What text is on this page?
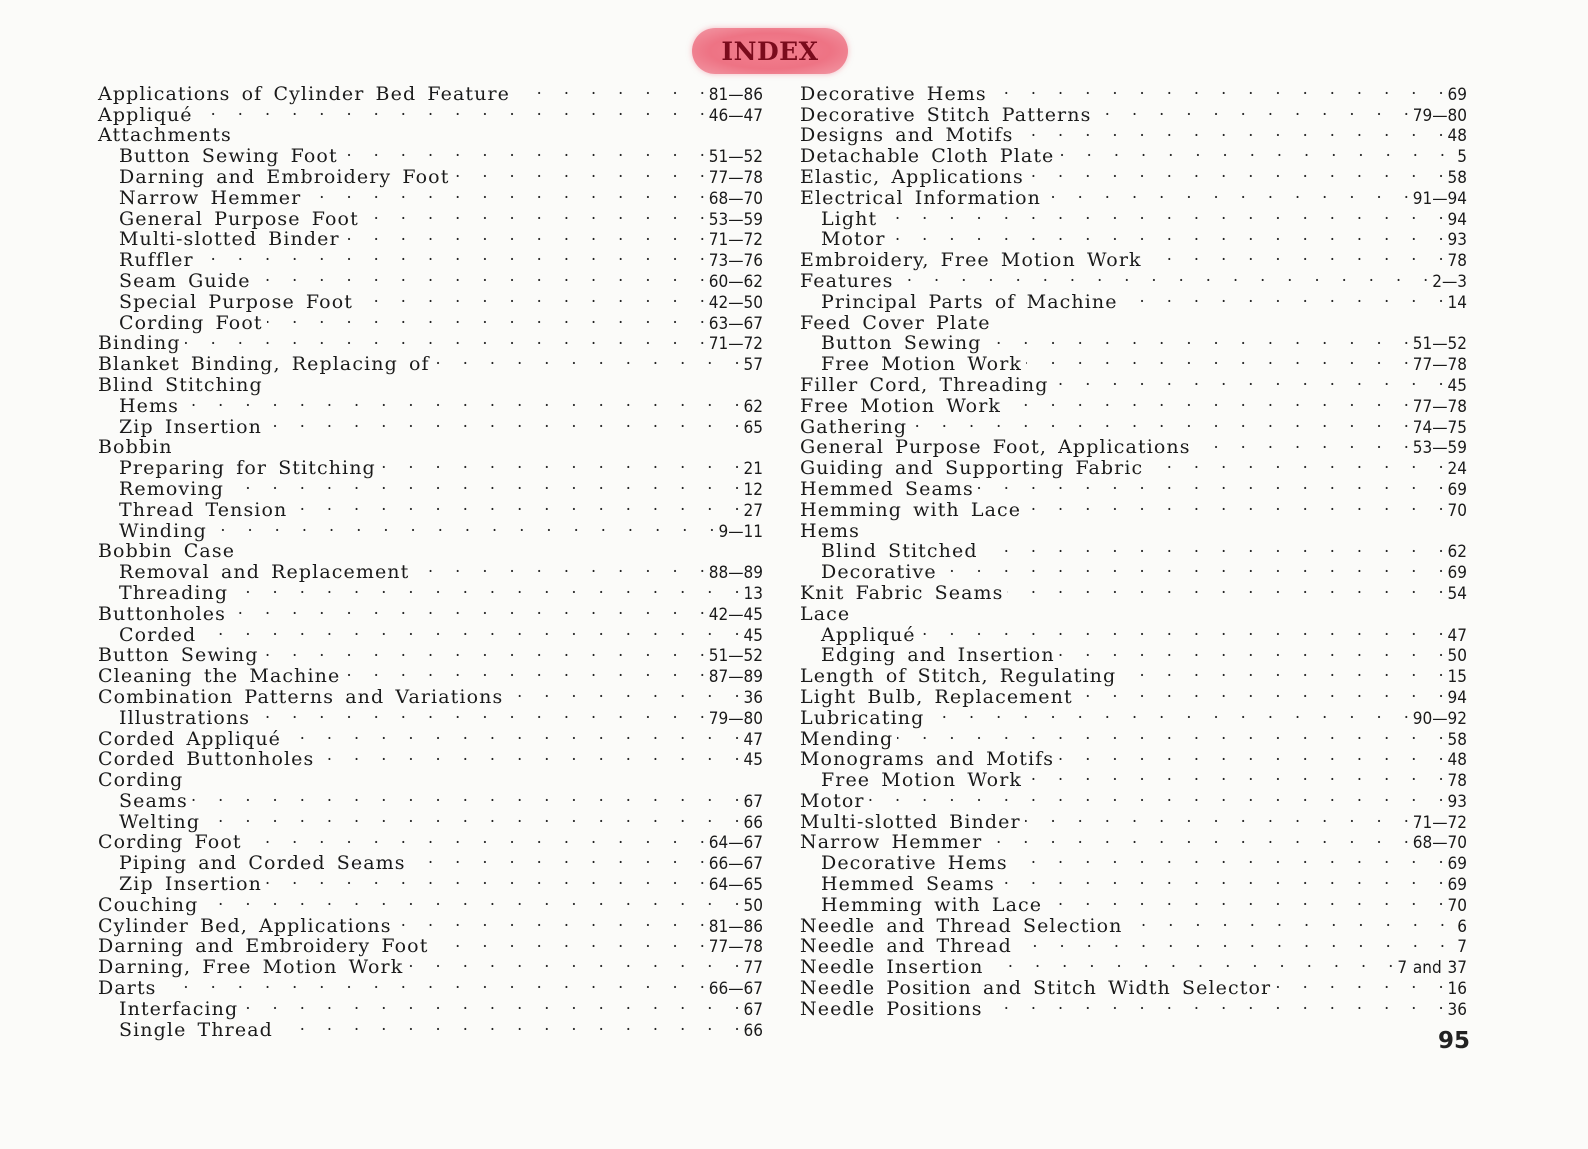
INDEX
Applications of Cylinder Bed Feature . . .	81—86
Appliqué . . .	46—47
Attachments
Button Sewing Foot . . .	51—52
Darning and Embroidery Foot . . .	77—78
Narrow Hemmer . . .	68—70
General Purpose Foot . . .	53—59
Multi-slotted Binder . . .	71—72
Ruffler . . .	73—76
Seam Guide . . .	60—62
Special Purpose Foot . . .	42—50
Cording Foot . . .	63—67
Binding . . .	71—72
Blanket Binding, Replacing of . . .	57
Blind Stitching
Hems . . .	62
Zip Insertion . . .	65
Bobbin
Preparing for Stitching . . .	21
Removing . . .	12
Thread Tension . . .	27
Winding . . .	9—11
Bobbin Case
Removal and Replacement . . .	88—89
Threading . . .	13
Buttonholes . . .	42—45
Corded . . .	45
Button Sewing . . .	51—52
Cleaning the Machine . . .	87—89
Combination Patterns and Variations . . .	36
Illustrations . . .	79—80
Corded Appliqué . . .	47
Corded Buttonholes . . .	45
Cording
Seams . . .	67
Welting . . .	66
Cording Foot . . .	64—67
Piping and Corded Seams . . .	66—67
Zip Insertion . . .	64—65
Couching . . .	50
Cylinder Bed, Applications . . .	81—86
Darning and Embroidery Foot . . .	77—78
Darning, Free Motion Work . . .	77
Darts . . .	66—67
Interfacing . . .	67
Single Thread . . .	66
Decorative Hems . . .	69
Decorative Stitch Patterns . . .	79—80
Designs and Motifs . . .	48
Detachable Cloth Plate . . .	5
Elastic, Applications . . .	58
Electrical Information . . .	91—94
Light . . .	94
Motor . . .	93
Embroidery, Free Motion Work . . .	78
Features . . .	2—3
Principal Parts of Machine . . .	14
Feed Cover Plate
Button Sewing . . .	51—52
Free Motion Work . . .	77—78
Filler Cord, Threading . . .	45
Free Motion Work . . .	77—78
Gathering . . .	74—75
General Purpose Foot, Applications . . .	53—59
Guiding and Supporting Fabric . . .	24
Hemmed Seams . . .	69
Hemming with Lace . . .	70
Hems
Blind Stitched . . .	62
Decorative . . .	69
Knit Fabric Seams . . .	54
Lace
Appliqué . . .	47
Edging and Insertion . . .	50
Length of Stitch, Regulating . . .	15
Light Bulb, Replacement . . .	94
Lubricating . . .	90—92
Mending . . .	58
Monograms and Motifs . . .	48
Free Motion Work . . .	78
Motor . . .	93
Multi-slotted Binder . . .	71—72
Narrow Hemmer . . .	68—70
Decorative Hems . . .	69
Hemmed Seams . . .	69
Hemming with Lace . . .	70
Needle and Thread Selection . . .	6
Needle and Thread . . .	7
Needle Insertion . . .	7 and 37
Needle Position and Stitch Width Selector . . .	16
Needle Positions . . .	36
95
